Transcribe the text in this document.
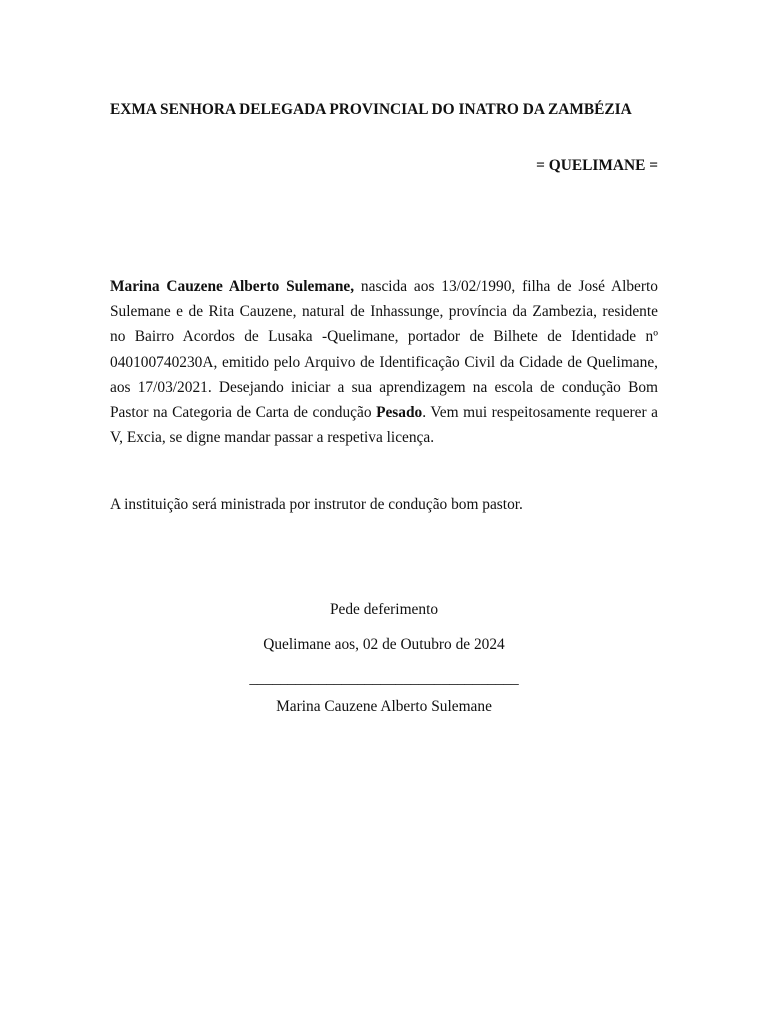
EXMA SENHORA DELEGADA PROVINCIAL DO INATRO DA ZAMBÉZIA

= QUELIMANE =

Marina Cauzene Alberto Sulemane, nascida aos 13/02/1990, filha de José Alberto Sulemane e de Rita Cauzene, natural de Inhassunge, província da Zambezia, residente no Bairro Acordos de Lusaka -Quelimane, portador de Bilhete de Identidade nº 040100740230A, emitido pelo Arquivo de Identificação Civil da Cidade de Quelimane, aos 17/03/2021. Desejando iniciar a sua aprendizagem na escola de condução Bom Pastor na Categoria de Carta de condução Pesado. Vem mui respeitosamente requerer a V, Excia, se digne mandar passar a respetiva licença.

A instituição será ministrada por instrutor de condução bom pastor.

Pede deferimento

Quelimane aos, 02 de Outubro de 2024

___________________________________

Marina Cauzene Alberto Sulemane
